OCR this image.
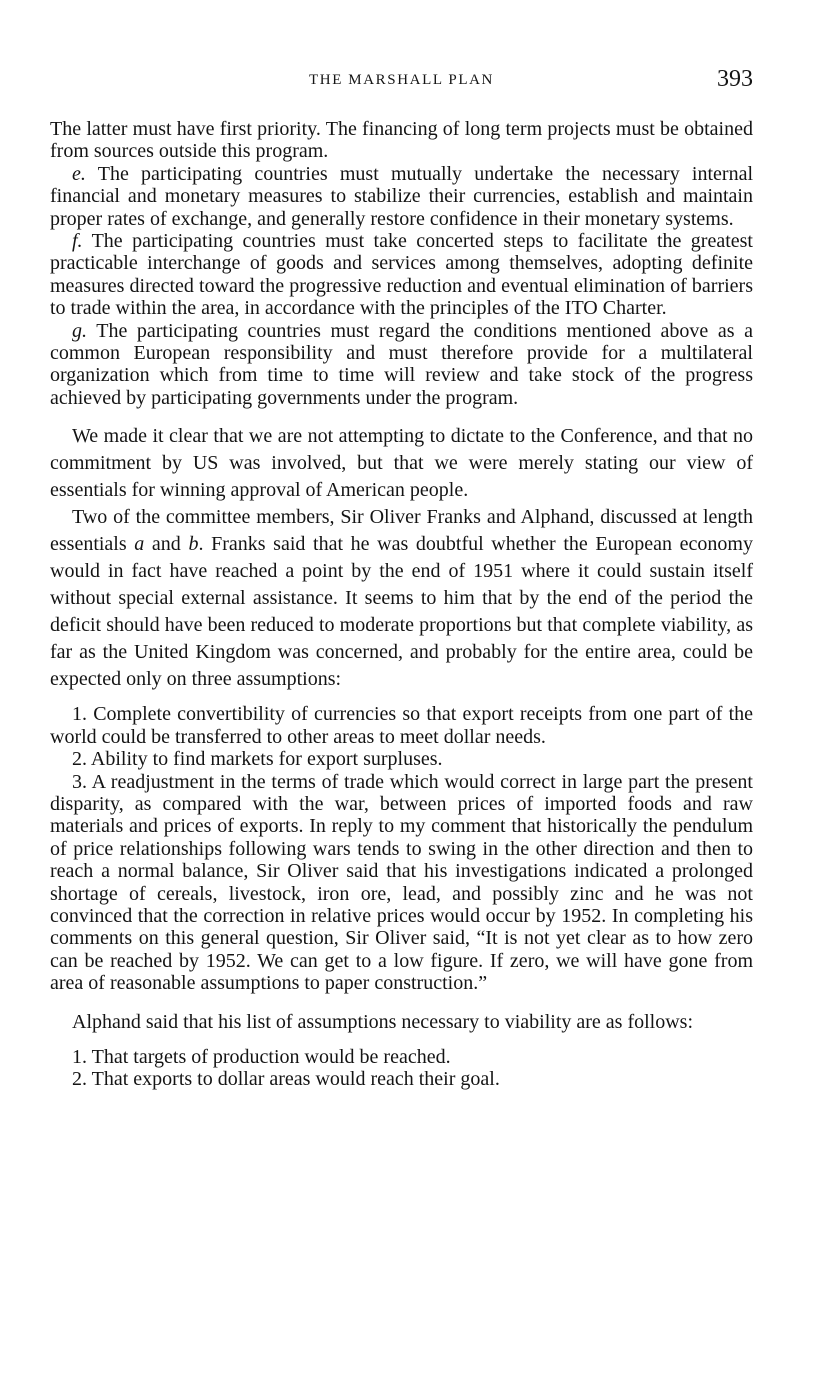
THE MARSHALL PLAN	393

The latter must have first priority. The financing of long term projects must be obtained from sources outside this program.

e. The participating countries must mutually undertake the necessary internal financial and monetary measures to stabilize their currencies, establish and maintain proper rates of exchange, and generally restore confidence in their monetary systems.

f. The participating countries must take concerted steps to facilitate the greatest practicable interchange of goods and services among themselves, adopting definite measures directed toward the progressive reduction and eventual elimination of barriers to trade within the area, in accordance with the principles of the ITO Charter.

g. The participating countries must regard the conditions mentioned above as a common European responsibility and must therefore provide for a multilateral organization which from time to time will review and take stock of the progress achieved by participating governments under the program.

We made it clear that we are not attempting to dictate to the Conference, and that no commitment by US was involved, but that we were merely stating our view of essentials for winning approval of American people.

Two of the committee members, Sir Oliver Franks and Alphand, discussed at length essentials a and b. Franks said that he was doubtful whether the European economy would in fact have reached a point by the end of 1951 where it could sustain itself without special external assistance. It seems to him that by the end of the period the deficit should have been reduced to moderate proportions but that complete viability, as far as the United Kingdom was concerned, and probably for the entire area, could be expected only on three assumptions:

1. Complete convertibility of currencies so that export receipts from one part of the world could be transferred to other areas to meet dollar needs.

2. Ability to find markets for export surpluses.

3. A readjustment in the terms of trade which would correct in large part the present disparity, as compared with the war, between prices of imported foods and raw materials and prices of exports. In reply to my comment that historically the pendulum of price relationships following wars tends to swing in the other direction and then to reach a normal balance, Sir Oliver said that his investigations indicated a prolonged shortage of cereals, livestock, iron ore, lead, and possibly zinc and he was not convinced that the correction in relative prices would occur by 1952. In completing his comments on this general question, Sir Oliver said, “It is not yet clear as to how zero can be reached by 1952. We can get to a low figure. If zero, we will have gone from area of reasonable assumptions to paper construction.”

Alphand said that his list of assumptions necessary to viability are as follows:

1. That targets of production would be reached.

2. That exports to dollar areas would reach their goal.
